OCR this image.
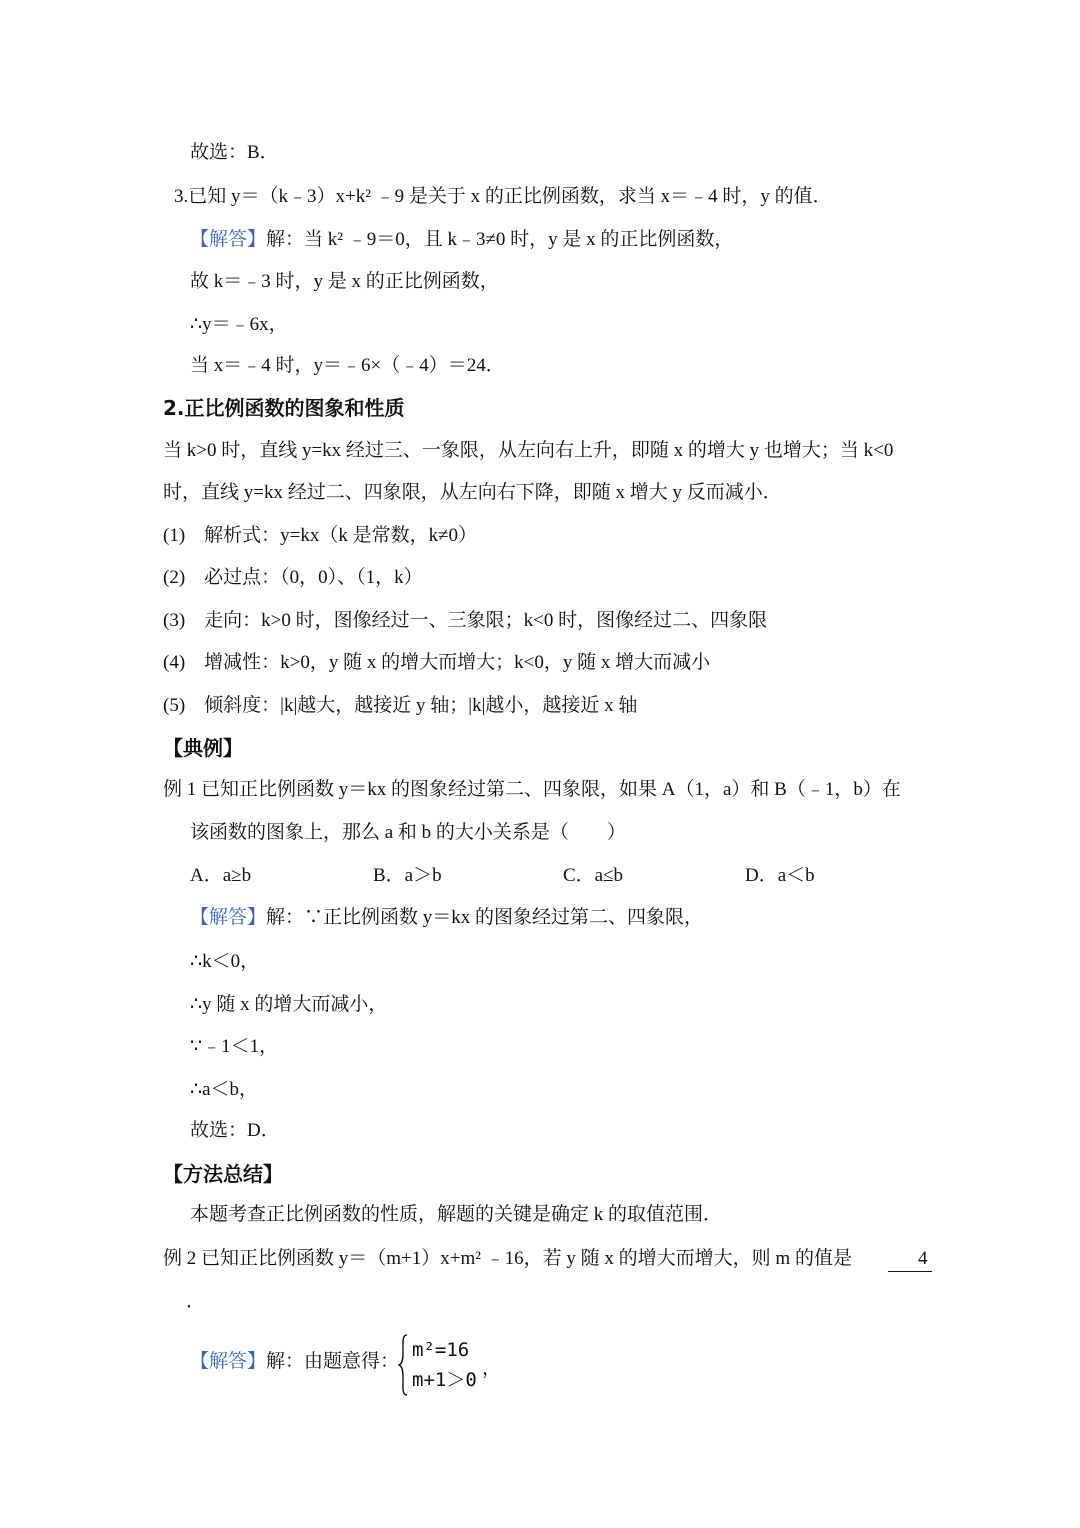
故选：B．
3.已知 y＝（k﹣3）x+k² ﹣9 是关于 x 的正比例函数，求当 x＝﹣4 时，y 的值．
【解答】解：当 k² ﹣9＝0，且 k﹣3≠0 时，y 是 x 的正比例函数，
故 k＝﹣3 时，y 是 x 的正比例函数，
∴y＝﹣6x，
当 x＝﹣4 时，y＝﹣6×（﹣4）＝24．
2.正比例函数的图象和性质
当 k>0 时，直线 y=kx 经过三、一象限，从左向右上升，即随 x 的增大 y 也增大；当 k<0
时，直线 y=kx 经过二、四象限，从左向右下降，即随 x 增大 y 反而减小．
(1)　解析式：y=kx（k 是常数，k≠0）
(2)　必过点：（0，0）、（1，k）
(3)　走向：k>0 时，图像经过一、三象限；k<0 时，图像经过二、四象限
(4)　增减性：k>0，y 随 x 的增大而增大；k<0，y 随 x 增大而减小
(5)　倾斜度：|k|越大，越接近 y 轴；|k|越小，越接近 x 轴
【典例】
例 1 已知正比例函数 y＝kx 的图象经过第二、四象限，如果 A（1，a）和 B（﹣1，b）在
该函数的图象上，那么 a 和 b 的大小关系是（　　）
A．a≥b	B．a＞b	C．a≤b	D．a＜b
【解答】解：∵正比例函数 y＝kx 的图象经过第二、四象限，
∴k＜0，
∴y 随 x 的增大而减小，
∵﹣1＜1，
∴a＜b，
故选：D．
【方法总结】
本题考查正比例函数的性质，解题的关键是确定 k 的取值范围．
例 2 已知正比例函数 y＝（m+1）x+m² ﹣16，若 y 随 x 的增大而增大，则 m 的值是	4
．
【解答】解：由题意得：
m²=16
m+1＞0
，
